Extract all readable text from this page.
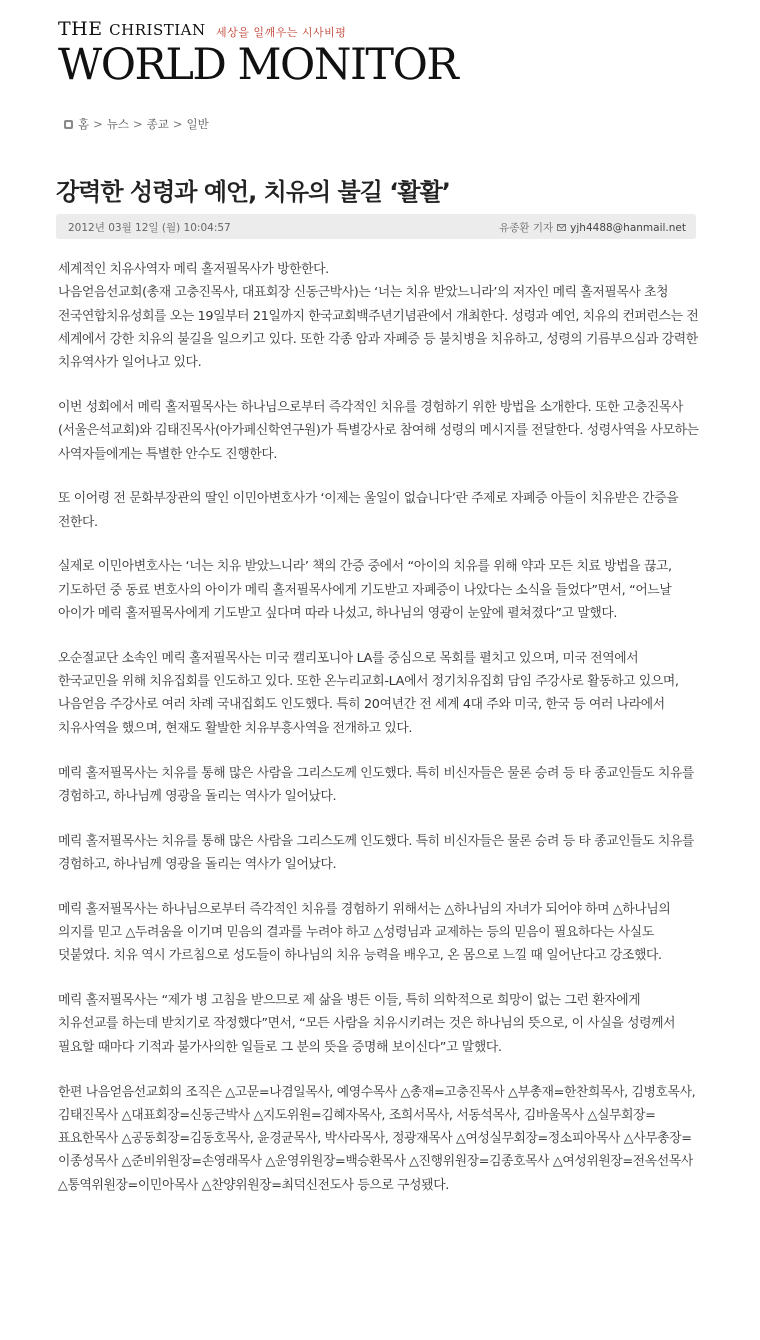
THE CHRISTIAN 세상을 일깨우는 시사비평
WORLD MONITOR
홈 > 뉴스 > 종교 > 일반
강력한 성령과 예언, 치유의 불길 ‘활활’
2012년 03월 12일 (월) 10:04:57	유종환 기자 yjh4488@hanmail.net

세계적인 치유사역자 메릭 홀저필목사가 방한한다.

나음얻음선교회(총재 고충진목사, 대표회장 신동근박사)는 ‘너는 치유 받았느니라’의 저자인 메릭 홀저필목사 초청 전국연합치유성회를 오는 19일부터 21일까지 한국교회백주년기념관에서 개최한다. 성령과 예언, 치유의 컨퍼런스는 전 세계에서 강한 치유의 불길을 일으키고 있다. 또한 각종 암과 자폐증 등 불치병을 치유하고, 성령의 기름부으심과 강력한 치유역사가 일어나고 있다.

이번 성회에서 메릭 홀저필목사는 하나님으로부터 즉각적인 치유를 경험하기 위한 방법을 소개한다. 또한 고충진목사(서울은석교회)와 김태진목사(아가페신학연구원)가 특별강사로 참여해 성령의 메시지를 전달한다. 성령사역을 사모하는 사역자들에게는 특별한 안수도 진행한다.

또 이어령 전 문화부장관의 딸인 이민아변호사가 ‘이제는 울일이 없습니다’란 주제로 자폐증 아들이 치유받은 간증을 전한다.

실제로 이민아변호사는 ‘너는 치유 받았느니라’ 책의 간증 중에서 “아이의 치유를 위해 약과 모든 치료 방법을 끊고, 기도하던 중 동료 변호사의 아이가 메릭 홀저필목사에게 기도받고 자폐증이 나았다는 소식을 들었다”면서, “어느날 아이가 메릭 홀저필목사에게 기도받고 싶다며 따라 나섰고, 하나님의 영광이 눈앞에 펼쳐졌다”고 말했다.

오순절교단 소속인 메릭 홀저필목사는 미국 캘리포니아 LA를 중심으로 목회를 펼치고 있으며, 미국 전역에서 한국교민을 위해 치유집회를 인도하고 있다. 또한 온누리교회-LA에서 정기치유집회 담임 주강사로 활동하고 있으며, 나음얻음 주강사로 여러 차례 국내집회도 인도했다. 특히 20여년간 전 세계 4대 주와 미국, 한국 등 여러 나라에서 치유사역을 했으며, 현재도 활발한 치유부흥사역을 전개하고 있다.

메릭 홀저필목사는 치유를 통해 많은 사람을 그리스도께 인도했다. 특히 비신자들은 물론 승려 등 타 종교인들도 치유를 경험하고, 하나님께 영광을 돌리는 역사가 일어났다.

메릭 홀저필목사는 치유를 통해 많은 사람을 그리스도께 인도했다. 특히 비신자들은 물론 승려 등 타 종교인들도 치유를 경험하고, 하나님께 영광을 돌리는 역사가 일어났다.

메릭 홀저필목사는 하나님으로부터 즉각적인 치유를 경험하기 위해서는 △하나님의 자녀가 되어야 하며 △하나님의 의지를 믿고 △두려움을 이기며 믿음의 결과를 누려야 하고 △성령님과 교제하는 등의 믿음이 필요하다는 사실도 덧붙였다. 치유 역시 가르침으로 성도들이 하나님의 치유 능력을 배우고, 온 몸으로 느낄 때 일어난다고 강조했다.

메릭 홀저필목사는 “제가 병 고침을 받으므로 제 삶을 병든 이들, 특히 의학적으로 희망이 없는 그런 환자에게 치유선교를 하는데 받치기로 작정했다”면서, “모든 사람을 치유시키려는 것은 하나님의 뜻으로, 이 사실을 성령께서 필요할 때마다 기적과 불가사의한 일들로 그 분의 뜻을 증명해 보이신다”고 말했다.

한편 나음얻음선교회의 조직은 △고문=나겸일목사, 예영수목사 △총재=고충진목사 △부총재=한찬희목사, 김병호목사, 김태진목사 △대표회장=신동근박사 △지도위원=김혜자목사, 조희서목사, 서동석목사, 김바울목사 △실무회장=표요한목사 △공동회장=김동호목사, 윤경균목사, 박사라목사, 정광재목사 △여성실무회장=정소피아목사 △사무총장=이종성목사 △준비위원장=손영래목사 △운영위원장=백승환목사 △진행위원장=김종호목사 △여성위원장=전옥선목사 △통역위원장=이민아목사 △찬양위원장=최덕신전도사 등으로 구성됐다.
